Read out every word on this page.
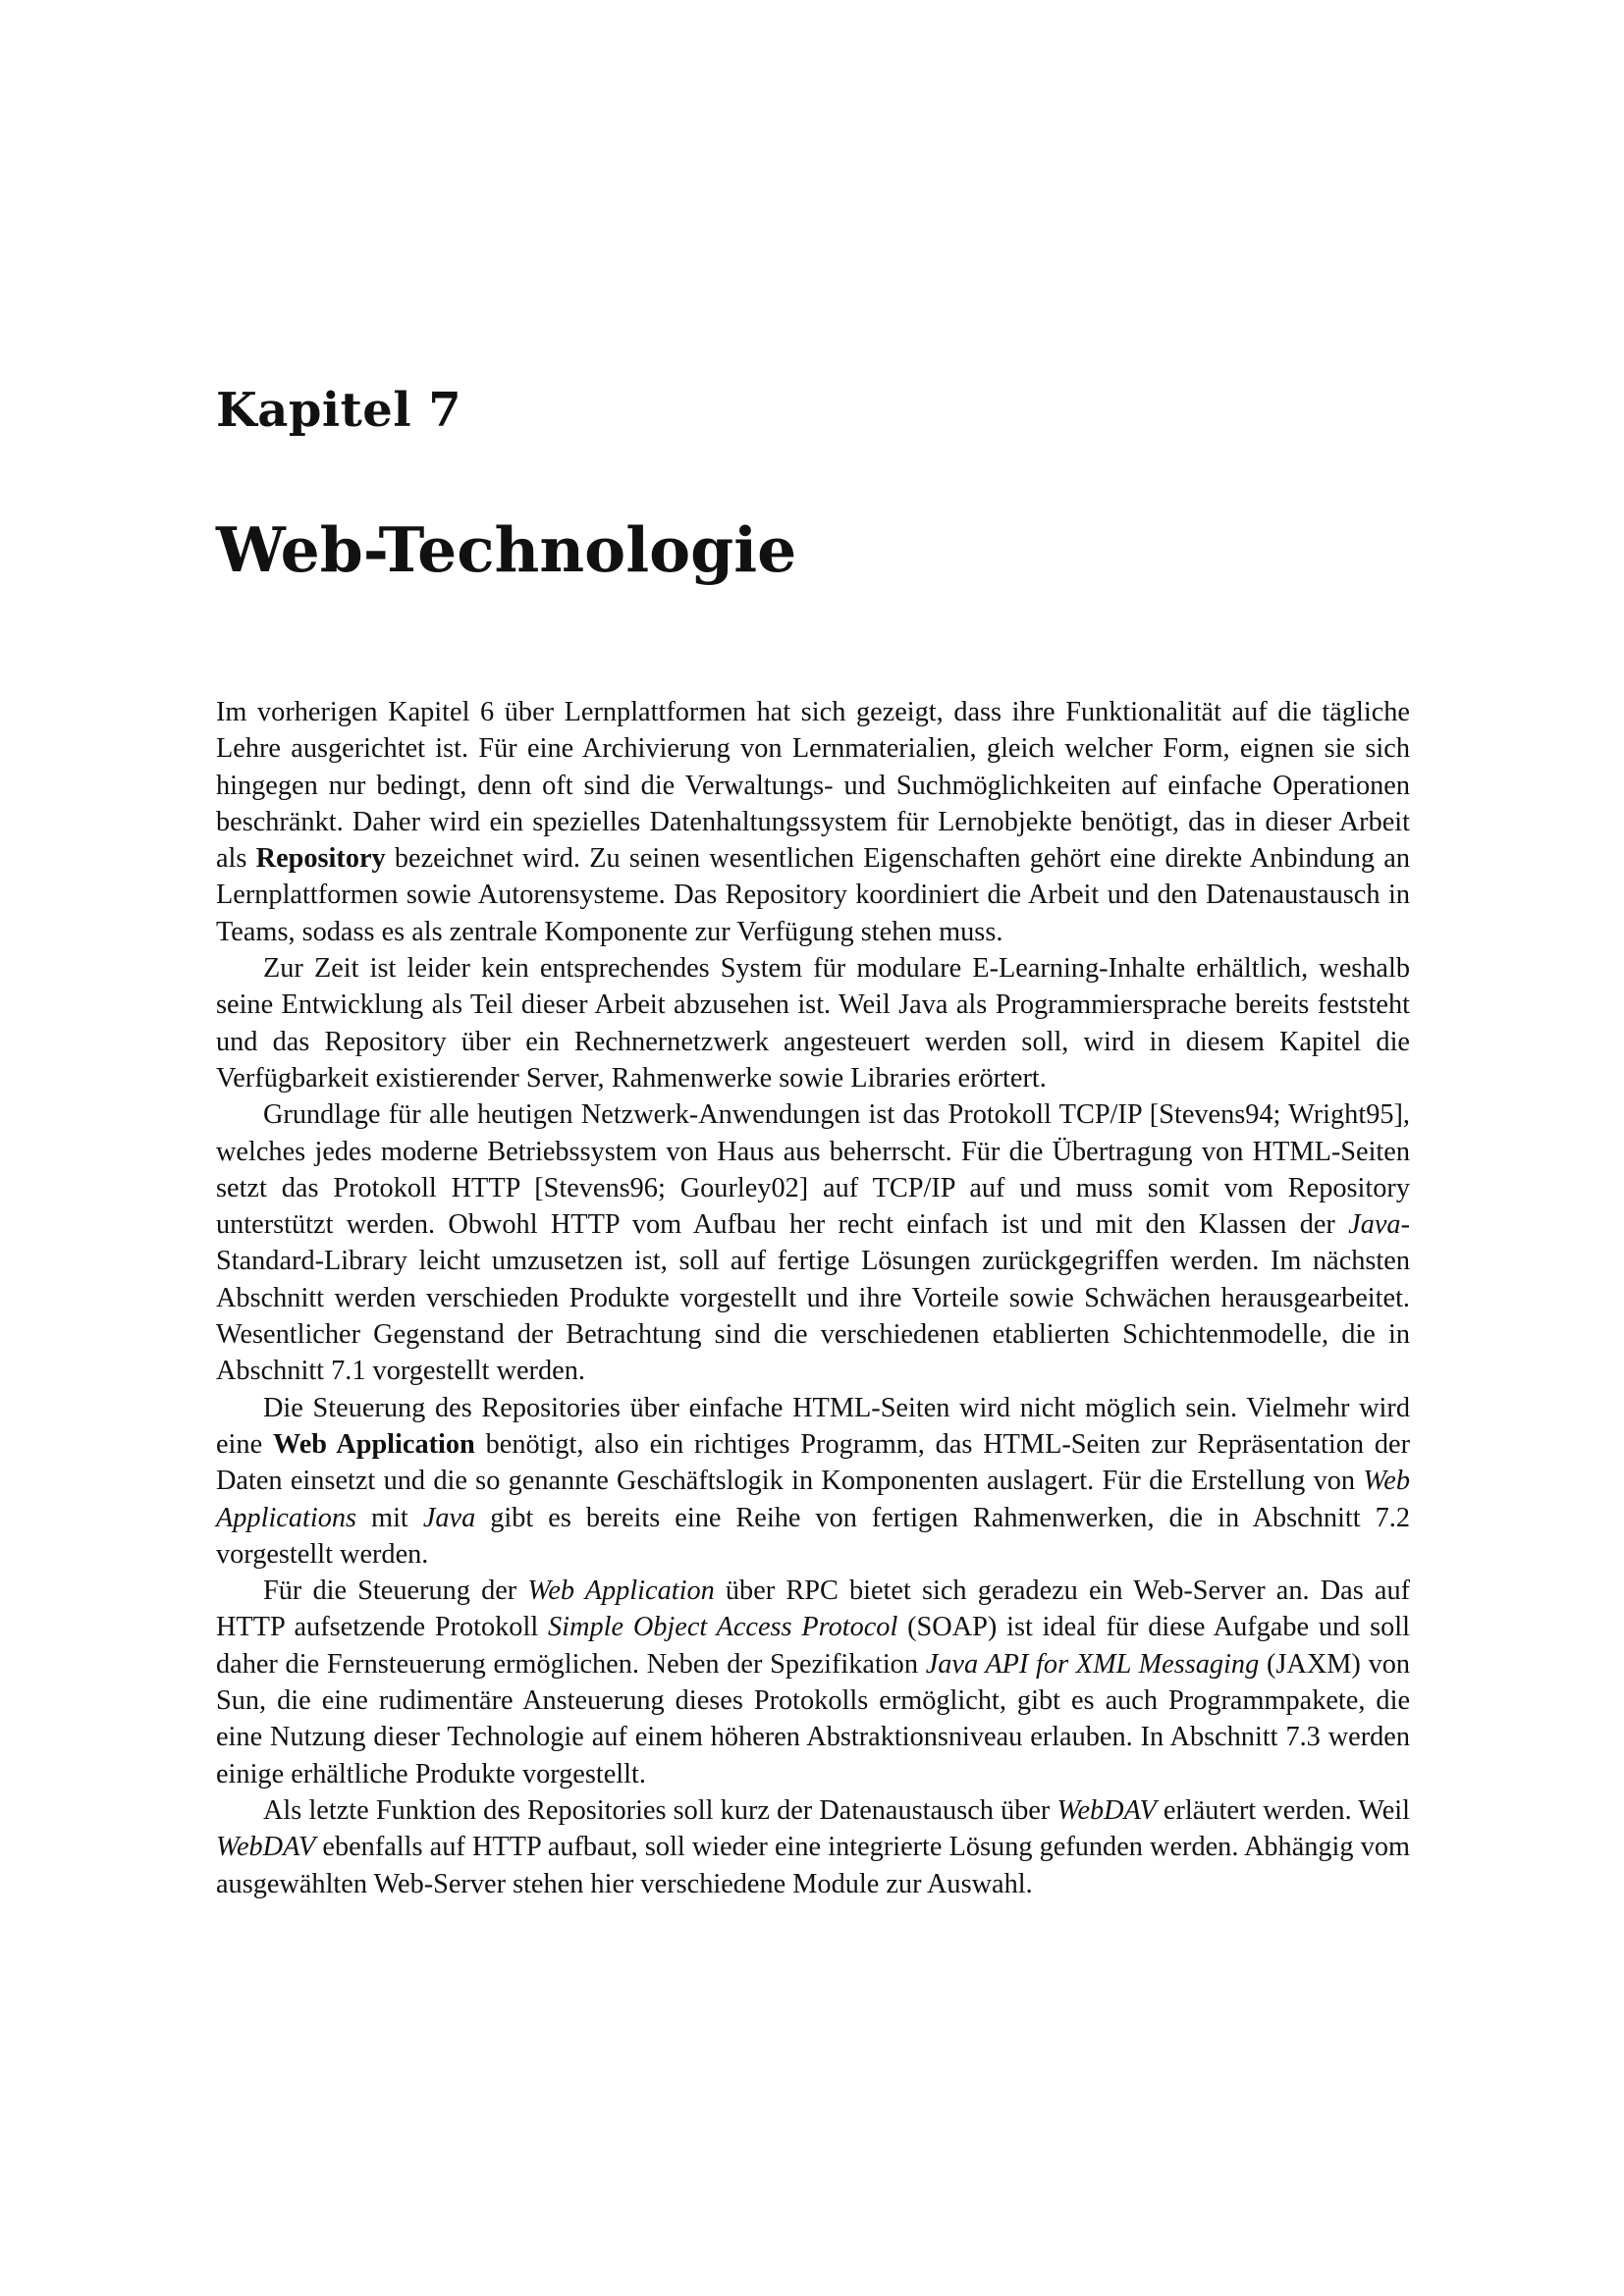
Kapitel 7
Web-Technologie

Im vorherigen Kapitel 6 über Lernplattformen hat sich gezeigt, dass ihre Funktionalität auf die tägliche Lehre ausgerichtet ist. Für eine Archivierung von Lernmaterialien, gleich welcher Form, eignen sie sich hingegen nur bedingt, denn oft sind die Verwaltungs- und Suchmöglichkeiten auf einfache Operationen beschränkt. Daher wird ein spezielles Datenhaltungssystem für Lernobjekte benötigt, das in dieser Arbeit als Repository bezeichnet wird. Zu seinen wesentlichen Eigenschaften gehört eine direkte Anbindung an Lernplattformen sowie Autorensysteme. Das Repository koordiniert die Arbeit und den Datenaustausch in Teams, sodass es als zentrale Komponente zur Verfügung stehen muss.

Zur Zeit ist leider kein entsprechendes System für modulare E-Learning-Inhalte erhältlich, weshalb seine Entwicklung als Teil dieser Arbeit abzusehen ist. Weil Java als Programmiersprache bereits feststeht und das Repository über ein Rechnernetzwerk angesteuert werden soll, wird in diesem Kapitel die Verfügbarkeit existierender Server, Rahmenwerke sowie Libraries erörtert.

Grundlage für alle heutigen Netzwerk-Anwendungen ist das Protokoll TCP/IP [Stevens94; Wright95], welches jedes moderne Betriebssystem von Haus aus beherrscht. Für die Übertragung von HTML-Seiten setzt das Protokoll HTTP [Stevens96; Gourley02] auf TCP/IP auf und muss somit vom Repository unterstützt werden. Obwohl HTTP vom Aufbau her recht einfach ist und mit den Klassen der Java-Standard-Library leicht umzusetzen ist, soll auf fertige Lösungen zurückgegriffen werden. Im nächsten Abschnitt werden verschieden Produkte vorgestellt und ihre Vorteile sowie Schwächen herausgearbeitet. Wesentlicher Gegenstand der Betrachtung sind die verschiedenen etablierten Schichtenmodelle, die in Abschnitt 7.1 vorgestellt werden.

Die Steuerung des Repositories über einfache HTML-Seiten wird nicht möglich sein. Vielmehr wird eine Web Application benötigt, also ein richtiges Programm, das HTML-Seiten zur Repräsentation der Daten einsetzt und die so genannte Geschäftslogik in Komponenten auslagert. Für die Erstellung von Web Applications mit Java gibt es bereits eine Reihe von fertigen Rahmenwerken, die in Abschnitt 7.2 vorgestellt werden.

Für die Steuerung der Web Application über RPC bietet sich geradezu ein Web-Server an. Das auf HTTP aufsetzende Protokoll Simple Object Access Protocol (SOAP) ist ideal für diese Aufgabe und soll daher die Fernsteuerung ermöglichen. Neben der Spezifikation Java API for XML Messaging (JAXM) von Sun, die eine rudimentäre Ansteuerung dieses Protokolls ermöglicht, gibt es auch Programmpakete, die eine Nutzung dieser Technologie auf einem höheren Abstraktionsniveau erlauben. In Abschnitt 7.3 werden einige erhältliche Produkte vorgestellt.

Als letzte Funktion des Repositories soll kurz der Datenaustausch über WebDAV erläutert werden. Weil WebDAV ebenfalls auf HTTP aufbaut, soll wieder eine integrierte Lösung gefunden werden. Abhängig vom ausgewählten Web-Server stehen hier verschiedene Module zur Auswahl.
